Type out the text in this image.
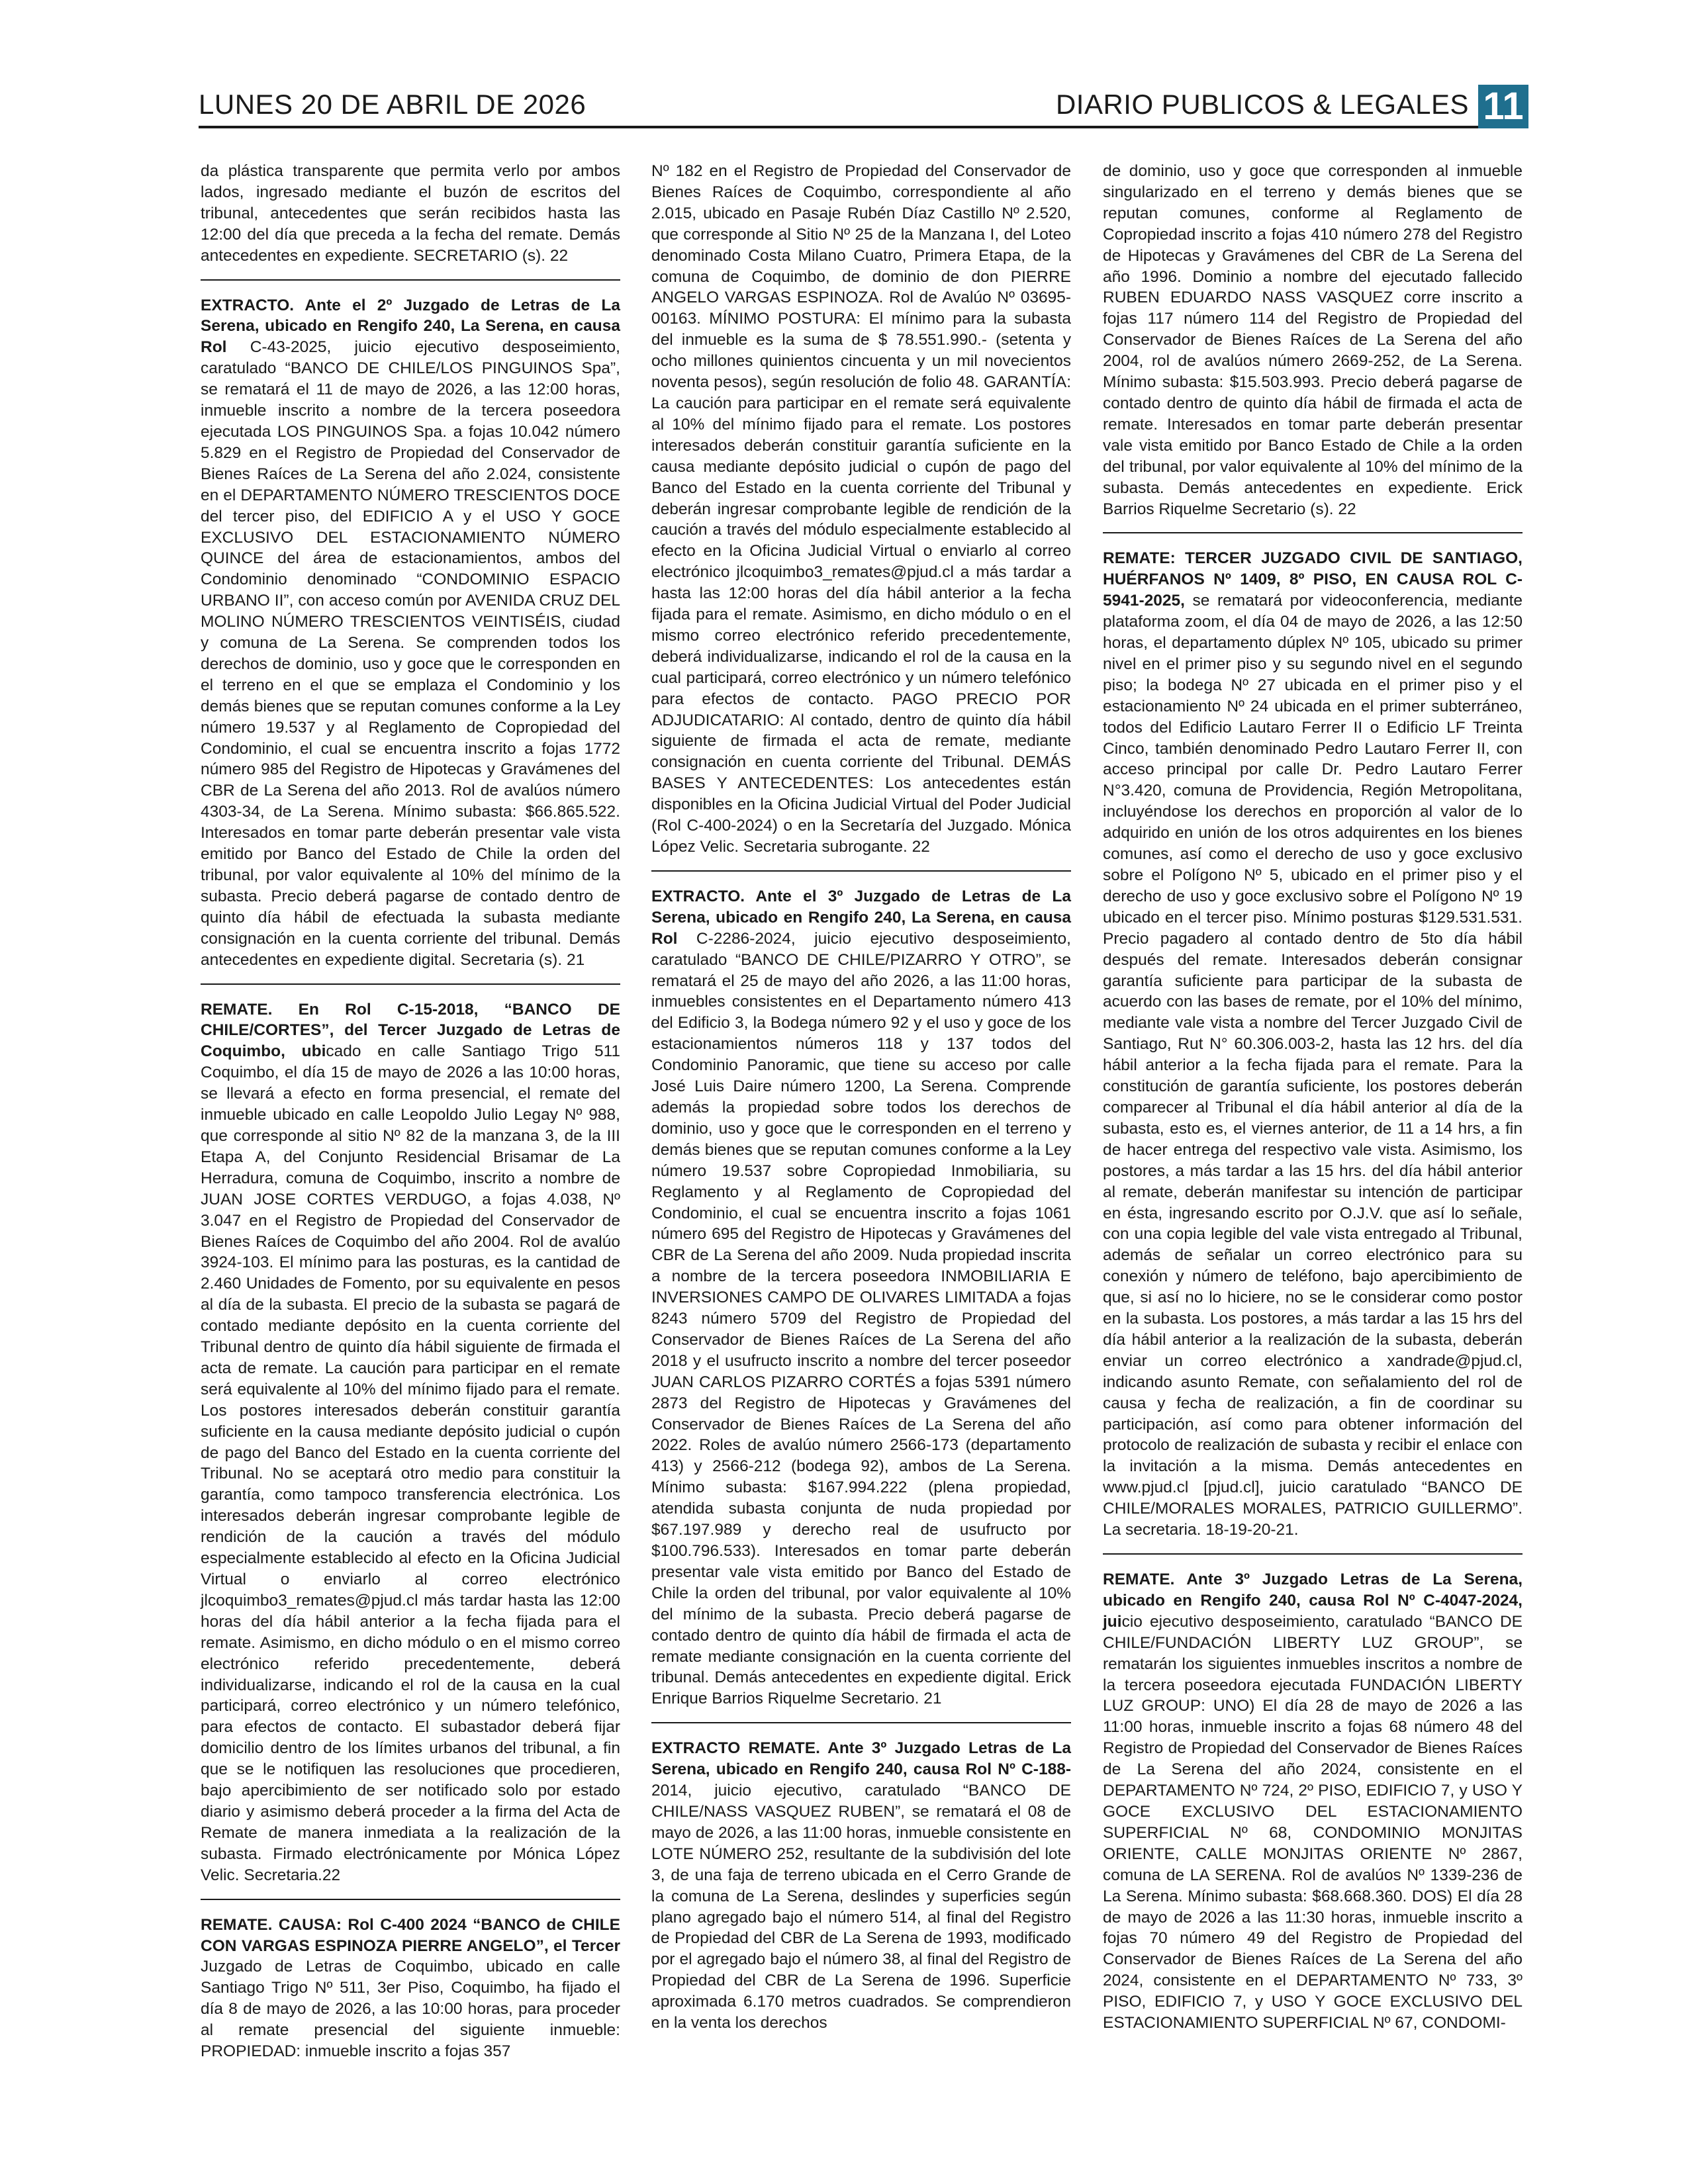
LUNES 20 DE ABRIL DE 2026	DIARIO PUBLICOS & LEGALES 11

da plástica transparente que permita verlo por ambos lados, ingresado mediante el buzón de escritos del tribunal, antecedentes que serán recibidos hasta las 12:00 del día que preceda a la fecha del remate. Demás antecedentes en expediente. SECRETARIO (s). 22

EXTRACTO. Ante el 2º Juzgado de Letras de La Serena, ubicado en Rengifo 240, La Serena, en causa Rol C-43-2025, juicio ejecutivo desposeimiento, caratulado “BANCO DE CHILE/LOS PINGUINOS Spa”, se rematará el 11 de mayo de 2026, a las 12:00 horas, inmueble inscrito a nombre de la tercera poseedora ejecutada LOS PINGUINOS Spa. a fojas 10.042 número 5.829 en el Registro de Propiedad del Conservador de Bienes Raíces de La Serena del año 2.024, consistente en el DEPARTAMENTO NÚMERO TRESCIENTOS DOCE del tercer piso, del EDIFICIO A y el USO Y GOCE EXCLUSIVO DEL ESTACIONAMIENTO NÚMERO QUINCE del área de estacionamientos, ambos del Condominio denominado “CONDOMINIO ESPACIO URBANO II”, con acceso común por AVENIDA CRUZ DEL MOLINO NÚMERO TRESCIENTOS VEINTISÉIS, ciudad y comuna de La Serena. Se comprenden todos los derechos de dominio, uso y goce que le corresponden en el terreno en el que se emplaza el Condominio y los demás bienes que se reputan comunes conforme a la Ley número 19.537 y al Reglamento de Copropiedad del Condominio, el cual se encuentra inscrito a fojas 1772 número 985 del Registro de Hipotecas y Gravámenes del CBR de La Serena del año 2013. Rol de avalúos número 4303-34, de La Serena. Mínimo subasta: $66.865.522. Interesados en tomar parte deberán presentar vale vista emitido por Banco del Estado de Chile la orden del tribunal, por valor equivalente al 10% del mínimo de la subasta. Precio deberá pagarse de contado dentro de quinto día hábil de efectuada la subasta mediante consignación en la cuenta corriente del tribunal. Demás antecedentes en expediente digital. Secretaria (s). 21

REMATE. En Rol C-15-2018, “BANCO DE CHILE/CORTES”, del Tercer Juzgado de Letras de Coquimbo, ubicado en calle Santiago Trigo 511 Coquimbo, el día 15 de mayo de 2026 a las 10:00 horas, se llevará a efecto en forma presencial, el remate del inmueble ubicado en calle Leopoldo Julio Legay Nº 988, que corresponde al sitio Nº 82 de la manzana 3, de la III Etapa A, del Conjunto Residencial Brisamar de La Herradura, comuna de Coquimbo, inscrito a nombre de JUAN JOSE CORTES VERDUGO, a fojas 4.038, Nº 3.047 en el Registro de Propiedad del Conservador de Bienes Raíces de Coquimbo del año 2004. Rol de avalúo 3924-103. El mínimo para las posturas, es la cantidad de 2.460 Unidades de Fomento, por su equivalente en pesos al día de la subasta. El precio de la subasta se pagará de contado mediante depósito en la cuenta corriente del Tribunal dentro de quinto día hábil siguiente de firmada el acta de remate. La caución para participar en el remate será equivalente al 10% del mínimo fijado para el remate. Los postores interesados deberán constituir garantía suficiente en la causa mediante depósito judicial o cupón de pago del Banco del Estado en la cuenta corriente del Tribunal. No se aceptará otro medio para constituir la garantía, como tampoco transferencia electrónica. Los interesados deberán ingresar comprobante legible de rendición de la caución a través del módulo especialmente establecido al efecto en la Oficina Judicial Virtual o enviarlo al correo electrónico jlcoquimbo3_remates@pjud.cl más tardar hasta las 12:00 horas del día hábil anterior a la fecha fijada para el remate. Asimismo, en dicho módulo o en el mismo correo electrónico referido precedentemente, deberá individualizarse, indicando el rol de la causa en la cual participará, correo electrónico y un número telefónico, para efectos de contacto. El subastador deberá fijar domicilio dentro de los límites urbanos del tribunal, a fin que se le notifiquen las resoluciones que procedieren, bajo apercibimiento de ser notificado solo por estado diario y asimismo deberá proceder a la firma del Acta de Remate de manera inmediata a la realización de la subasta. Firmado electrónicamente por Mónica López Velic. Secretaria.22

REMATE. CAUSA: Rol C-400 2024 “BANCO de CHILE CON VARGAS ESPINOZA PIERRE ANGELO”, el Tercer Juzgado de Letras de Coquimbo, ubicado en calle Santiago Trigo Nº 511, 3er Piso, Coquimbo, ha fijado el día 8 de mayo de 2026, a las 10:00 horas, para proceder al remate presencial del siguiente inmueble: PROPIEDAD: inmueble inscrito a fojas 357

Nº 182 en el Registro de Propiedad del Conservador de Bienes Raíces de Coquimbo, correspondiente al año 2.015, ubicado en Pasaje Rubén Díaz Castillo Nº 2.520, que corresponde al Sitio Nº 25 de la Manzana I, del Loteo denominado Costa Milano Cuatro, Primera Etapa, de la comuna de Coquimbo, de dominio de don PIERRE ANGELO VARGAS ESPINOZA. Rol de Avalúo Nº 03695-00163. MÍNIMO POSTURA: El mínimo para la subasta del inmueble es la suma de $ 78.551.990.- (setenta y ocho millones quinientos cincuenta y un mil novecientos noventa pesos), según resolución de folio 48. GARANTÍA: La caución para participar en el remate será equivalente al 10% del mínimo fijado para el remate. Los postores interesados deberán constituir garantía suficiente en la causa mediante depósito judicial o cupón de pago del Banco del Estado en la cuenta corriente del Tribunal y deberán ingresar comprobante legible de rendición de la caución a través del módulo especialmente establecido al efecto en la Oficina Judicial Virtual o enviarlo al correo electrónico jlcoquimbo3_remates@pjud.cl a más tardar a hasta las 12:00 horas del día hábil anterior a la fecha fijada para el remate. Asimismo, en dicho módulo o en el mismo correo electrónico referido precedentemente, deberá individualizarse, indicando el rol de la causa en la cual participará, correo electrónico y un número telefónico para efectos de contacto. PAGO PRECIO POR ADJUDICATARIO: Al contado, dentro de quinto día hábil siguiente de firmada el acta de remate, mediante consignación en cuenta corriente del Tribunal. DEMÁS BASES Y ANTECEDENTES: Los antecedentes están disponibles en la Oficina Judicial Virtual del Poder Judicial (Rol C-400-2024) o en la Secretaría del Juzgado. Mónica López Velic. Secretaria subrogante. 22

EXTRACTO. Ante el 3º Juzgado de Letras de La Serena, ubicado en Rengifo 240, La Serena, en causa Rol C-2286-2024, juicio ejecutivo desposeimiento, caratulado “BANCO DE CHILE/PIZARRO Y OTRO”, se rematará el 25 de mayo del año 2026, a las 11:00 horas, inmuebles consistentes en el Departamento número 413 del Edificio 3, la Bodega número 92 y el uso y goce de los estacionamientos números 118 y 137 todos del Condominio Panoramic, que tiene su acceso por calle José Luis Daire número 1200, La Serena. Comprende además la propiedad sobre todos los derechos de dominio, uso y goce que le corresponden en el terreno y demás bienes que se reputan comunes conforme a la Ley número 19.537 sobre Copropiedad Inmobiliaria, su Reglamento y al Reglamento de Copropiedad del Condominio, el cual se encuentra inscrito a fojas 1061 número 695 del Registro de Hipotecas y Gravámenes del CBR de La Serena del año 2009. Nuda propiedad inscrita a nombre de la tercera poseedora INMOBILIARIA E INVERSIONES CAMPO DE OLIVARES LIMITADA a fojas 8243 número 5709 del Registro de Propiedad del Conservador de Bienes Raíces de La Serena del año 2018 y el usufructo inscrito a nombre del tercer poseedor JUAN CARLOS PIZARRO CORTÉS a fojas 5391 número 2873 del Registro de Hipotecas y Gravámenes del Conservador de Bienes Raíces de La Serena del año 2022. Roles de avalúo número 2566-173 (departamento 413) y 2566-212 (bodega 92), ambos de La Serena. Mínimo subasta: $167.994.222 (plena propiedad, atendida subasta conjunta de nuda propiedad por $67.197.989 y derecho real de usufructo por $100.796.533). Interesados en tomar parte deberán presentar vale vista emitido por Banco del Estado de Chile la orden del tribunal, por valor equivalente al 10% del mínimo de la subasta. Precio deberá pagarse de contado dentro de quinto día hábil de firmada el acta de remate mediante consignación en la cuenta corriente del tribunal. Demás antecedentes en expediente digital. Erick Enrique Barrios Riquelme Secretario. 21

EXTRACTO REMATE. Ante 3º Juzgado Letras de La Serena, ubicado en Rengifo 240, causa Rol Nº C-188-2014, juicio ejecutivo, caratulado “BANCO DE CHILE/NASS VASQUEZ RUBEN”, se rematará el 08 de mayo de 2026, a las 11:00 horas, inmueble consistente en LOTE NÚMERO 252, resultante de la subdivisión del lote 3, de una faja de terreno ubicada en el Cerro Grande de la comuna de La Serena, deslindes y superficies según plano agregado bajo el número 514, al final del Registro de Propiedad del CBR de La Serena de 1993, modificado por el agregado bajo el número 38, al final del Registro de Propiedad del CBR de La Serena de 1996. Superficie aproximada 6.170 metros cuadrados. Se comprendieron en la venta los derechos

de dominio, uso y goce que corresponden al inmueble singularizado en el terreno y demás bienes que se reputan comunes, conforme al Reglamento de Copropiedad inscrito a fojas 410 número 278 del Registro de Hipotecas y Gravámenes del CBR de La Serena del año 1996. Dominio a nombre del ejecutado fallecido RUBEN EDUARDO NASS VASQUEZ corre inscrito a fojas 117 número 114 del Registro de Propiedad del Conservador de Bienes Raíces de La Serena del año 2004, rol de avalúos número 2669-252, de La Serena. Mínimo subasta: $15.503.993. Precio deberá pagarse de contado dentro de quinto día hábil de firmada el acta de remate. Interesados en tomar parte deberán presentar vale vista emitido por Banco Estado de Chile a la orden del tribunal, por valor equivalente al 10% del mínimo de la subasta. Demás antecedentes en expediente. Erick Barrios Riquelme Secretario (s). 22

REMATE: TERCER JUZGADO CIVIL DE SANTIAGO, HUÉRFANOS Nº 1409, 8º PISO, EN CAUSA ROL C-5941-2025, se rematará por videoconferencia, mediante plataforma zoom, el día 04 de mayo de 2026, a las 12:50 horas, el departamento dúplex Nº 105, ubicado su primer nivel en el primer piso y su segundo nivel en el segundo piso; la bodega Nº 27 ubicada en el primer piso y el estacionamiento Nº 24 ubicada en el primer subterráneo, todos del Edificio Lautaro Ferrer II o Edificio LF Treinta Cinco, también denominado Pedro Lautaro Ferrer II, con acceso principal por calle Dr. Pedro Lautaro Ferrer N°3.420, comuna de Providencia, Región Metropolitana, incluyéndose los derechos en proporción al valor de lo adquirido en unión de los otros adquirentes en los bienes comunes, así como el derecho de uso y goce exclusivo sobre el Polígono Nº 5, ubicado en el primer piso y el derecho de uso y goce exclusivo sobre el Polígono Nº 19 ubicado en el tercer piso. Mínimo posturas $129.531.531. Precio pagadero al contado dentro de 5to día hábil después del remate. Interesados deberán consignar garantía suficiente para participar de la subasta de acuerdo con las bases de remate, por el 10% del mínimo, mediante vale vista a nombre del Tercer Juzgado Civil de Santiago, Rut N° 60.306.003-2, hasta las 12 hrs. del día hábil anterior a la fecha fijada para el remate. Para la constitución de garantía suficiente, los postores deberán comparecer al Tribunal el día hábil anterior al día de la subasta, esto es, el viernes anterior, de 11 a 14 hrs, a fin de hacer entrega del respectivo vale vista. Asimismo, los postores, a más tardar a las 15 hrs. del día hábil anterior al remate, deberán manifestar su intención de participar en ésta, ingresando escrito por O.J.V. que así lo señale, con una copia legible del vale vista entregado al Tribunal, además de señalar un correo electrónico para su conexión y número de teléfono, bajo apercibimiento de que, si así no lo hiciere, no se le considerar como postor en la subasta. Los postores, a más tardar a las 15 hrs del día hábil anterior a la realización de la subasta, deberán enviar un correo electrónico a xandrade@pjud.cl, indicando asunto Remate, con señalamiento del rol de causa y fecha de realización, a fin de coordinar su participación, así como para obtener información del protocolo de realización de subasta y recibir el enlace con la invitación a la misma. Demás antecedentes en www.pjud.cl [pjud.cl], juicio caratulado “BANCO DE CHILE/MORALES MORALES, PATRICIO GUILLERMO”. La secretaria. 18-19-20-21.

REMATE. Ante 3º Juzgado Letras de La Serena, ubicado en Rengifo 240, causa Rol Nº C-4047-2024, juicio ejecutivo desposeimiento, caratulado “BANCO DE CHILE/FUNDACIÓN LIBERTY LUZ GROUP”, se rematarán los siguientes inmuebles inscritos a nombre de la tercera poseedora ejecutada FUNDACIÓN LIBERTY LUZ GROUP: UNO) El día 28 de mayo de 2026 a las 11:00 horas, inmueble inscrito a fojas 68 número 48 del Registro de Propiedad del Conservador de Bienes Raíces de La Serena del año 2024, consistente en el DEPARTAMENTO Nº 724, 2º PISO, EDIFICIO 7, y USO Y GOCE EXCLUSIVO DEL ESTACIONAMIENTO SUPERFICIAL Nº 68, CONDOMINIO MONJITAS ORIENTE, CALLE MONJITAS ORIENTE Nº 2867, comuna de LA SERENA. Rol de avalúos Nº 1339-236 de La Serena. Mínimo subasta: $68.668.360. DOS) El día 28 de mayo de 2026 a las 11:30 horas, inmueble inscrito a fojas 70 número 49 del Registro de Propiedad del Conservador de Bienes Raíces de La Serena del año 2024, consistente en el DEPARTAMENTO Nº 733, 3º PISO, EDIFICIO 7, y USO Y GOCE EXCLUSIVO DEL ESTACIONAMIENTO SUPERFICIAL Nº 67, CONDOMI-
